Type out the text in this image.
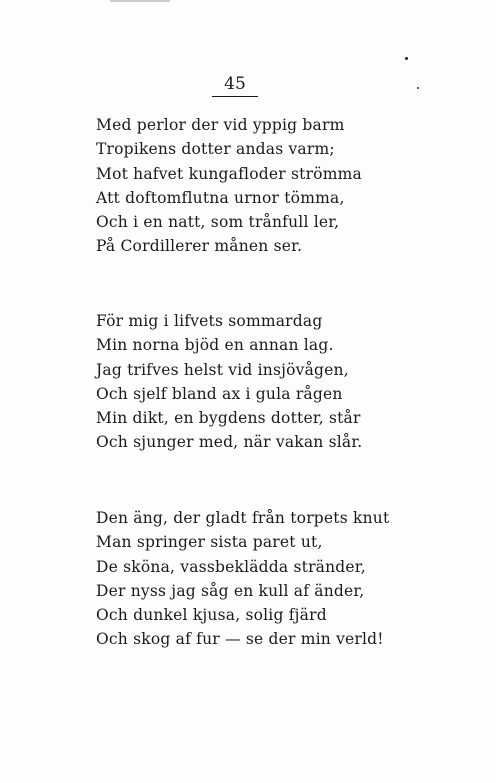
45
Med perlor der vid yppig barm
Tropikens dotter andas varm;
Mot hafvet kungafloder strömma
Att doftomflutna urnor tömma,
Och i en natt, som trånfull ler,
På Cordillerer månen ser.
För mig i lifvets sommardag
Min norna bjöd en annan lag.
Jag trifves helst vid insjövågen,
Och sjelf bland ax i gula rågen
Min dikt, en bygdens dotter, står
Och sjunger med, när vakan slår.
Den äng, der gladt från torpets knut
Man springer sista paret ut,
De sköna, vassbeklädda stränder,
Der nyss jag såg en kull af änder,
Och dunkel kjusa, solig fjärd
Och skog af fur — se der min verld!
